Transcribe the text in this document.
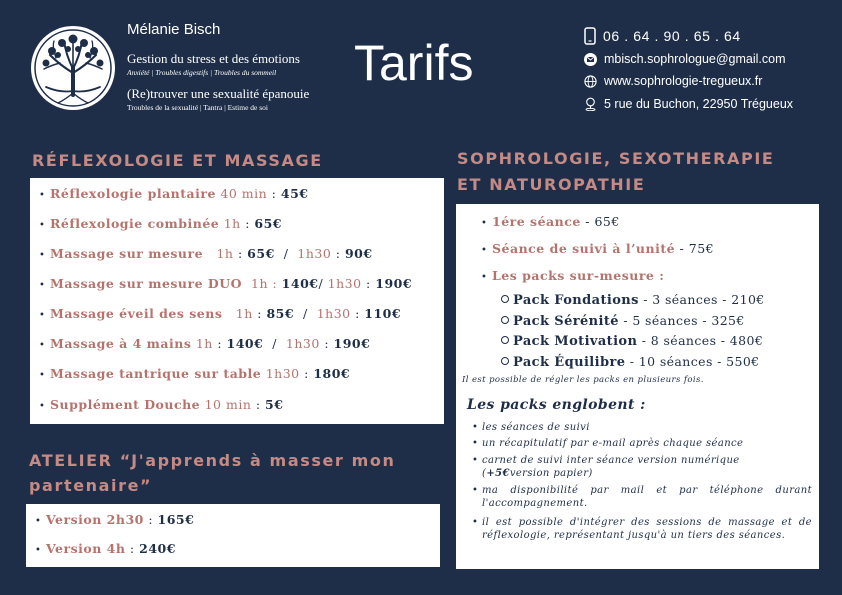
Mélanie Bisch
Gestion du stress et des émotions
Anxiété | Troubles digestifs | Troubles du sommeil
(Re)trouver une sexualité épanouie
Troubles de la sexualité | Tantra | Estime de soi
Tarifs	06 . 64 . 90 . 65 . 64
mbisch.sophrologue@gmail.com
www.sophrologie-tregueux.fr
5 rue du Buchon, 22950 Trégueux
RÉFLEXOLOGIE ET MASSAGE
• Réflexologie plantaire 40 min : 45€
• Réflexologie combinée 1h : 65€
• Massage sur mesure 1h : 65€ / 1h30 : 90€
• Massage sur mesure DUO 1h :
140€ / 1h30 : 190€
• Massage éveil des sens 1h : 85€ / 1h30 : 110€
• Massage à 4 mains 1h : 140€ / 1h30 : 190€
• Massage tantrique sur table 1h30 : 180€
• Supplément Douche 10 min : 5€
ATELIER “J'apprends à masser mon
partenaire”
• Version 2h30 : 165€
• Version 4h : 240€
SOPHROLOGIE, SEXOTHERAPIE
ET NATUROPATHIE
• 1ére séance - 65€
• Séance de suivi à l’unité - 75€
• Les packs sur-mesure :
Pack Fondations - 3 séances - 210€
Pack Sérénité - 5 séances - 325€
Pack Motivation - 8 séances - 480€
Pack Équilibre - 10 séances - 550€
Il est possible de régler les packs en plusieurs fois.
Les packs englobent :
• les séances de suivi
• un récapitulatif par e-mail après chaque séance
• carnet de suivi inter séance version numérique
(+5€version papier)
• ma disponibilité par mail et par téléphone durant l'accompagnement.
• il est possible d'intégrer des sessions de massage et de réflexologie, représentant jusqu'à un tiers des séances.
